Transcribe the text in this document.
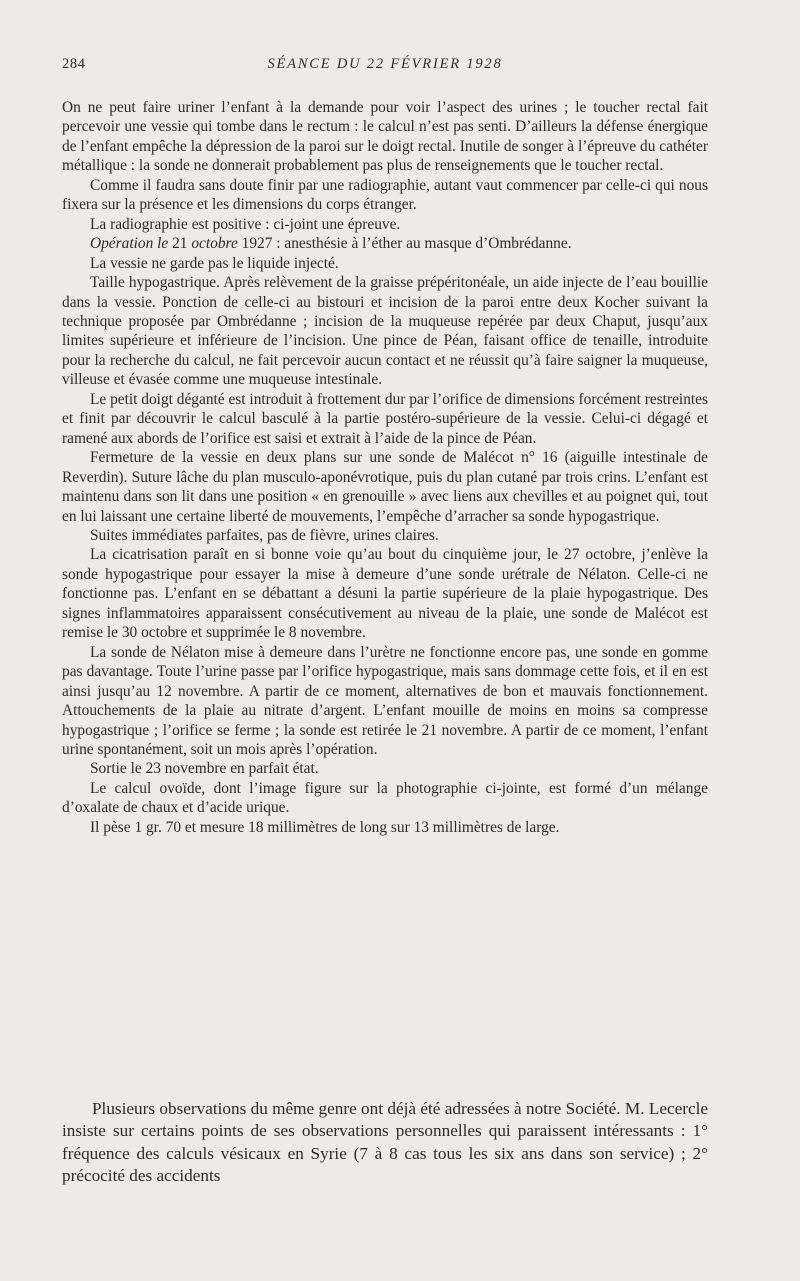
284	SÉANCE DU 22 FÉVRIER 1928

On ne peut faire uriner l’enfant à la demande pour voir l’aspect des urines ; le toucher rectal fait percevoir une vessie qui tombe dans le rectum : le calcul n’est pas senti. D’ailleurs la défense énergique de l’enfant empêche la dépression de la paroi sur le doigt rectal. Inutile de songer à l’épreuve du cathéter métallique : la sonde ne donnerait probablement pas plus de renseignements que le toucher rectal.

Comme il faudra sans doute finir par une radiographie, autant vaut commencer par celle-ci qui nous fixera sur la présence et les dimensions du corps étranger.

La radiographie est positive : ci-joint une épreuve.

Opération le 21 octobre 1927 : anesthésie à l’éther au masque d’Ombrédanne.

La vessie ne garde pas le liquide injecté.

Taille hypogastrique. Après relèvement de la graisse prépéritonéale, un aide injecte de l’eau bouillie dans la vessie. Ponction de celle-ci au bistouri et incision de la paroi entre deux Kocher suivant la technique proposée par Ombrédanne ; incision de la muqueuse repérée par deux Chaput, jusqu’aux limites supérieure et inférieure de l’incision. Une pince de Péan, faisant office de tenaille, introduite pour la recherche du calcul, ne fait percevoir aucun contact et ne réussit qu’à faire saigner la muqueuse, villeuse et évasée comme une muqueuse intestinale.

Le petit doigt déganté est introduit à frottement dur par l’orifice de dimensions forcément restreintes et finit par découvrir le calcul basculé à la partie postéro-supérieure de la vessie. Celui-ci dégagé et ramené aux abords de l’orifice est saisi et extrait à l’aide de la pince de Péan.

Fermeture de la vessie en deux plans sur une sonde de Malécot n° 16 (aiguille intestinale de Reverdin). Suture lâche du plan musculo-aponévrotique, puis du plan cutané par trois crins. L’enfant est maintenu dans son lit dans une position « en grenouille » avec liens aux chevilles et au poignet qui, tout en lui laissant une certaine liberté de mouvements, l’empêche d’arracher sa sonde hypogastrique.

Suites immédiates parfaites, pas de fièvre, urines claires.

La cicatrisation paraît en si bonne voie qu’au bout du cinquième jour, le 27 octobre, j’enlève la sonde hypogastrique pour essayer la mise à demeure d’une sonde urétrale de Nélaton. Celle-ci ne fonctionne pas. L’enfant en se débattant a désuni la partie supérieure de la plaie hypogastrique. Des signes inflammatoires apparaissent consécutivement au niveau de la plaie, une sonde de Malécot est remise le 30 octobre et supprimée le 8 novembre.

La sonde de Nélaton mise à demeure dans l’urètre ne fonctionne encore pas, une sonde en gomme pas davantage. Toute l’urine passe par l’orifice hypogastrique, mais sans dommage cette fois, et il en est ainsi jusqu’au 12 novembre. A partir de ce moment, alternatives de bon et mauvais fonctionnement. Attouchements de la plaie au nitrate d’argent. L’enfant mouille de moins en moins sa compresse hypogastrique ; l’orifice se ferme ; la sonde est retirée le 21 novembre. A partir de ce moment, l’enfant urine spontanément, soit un mois après l’opération.

Sortie le 23 novembre en parfait état.

Le calcul ovoïde, dont l’image figure sur la photographie ci-jointe, est formé d’un mélange d’oxalate de chaux et d’acide urique.

Il pèse 1 gr. 70 et mesure 18 millimètres de long sur 13 millimètres de large.

Plusieurs observations du même genre ont déjà été adressées à notre Société. M. Lecercle insiste sur certains points de ses observations personnelles qui paraissent intéressants : 1° fréquence des calculs vésicaux en Syrie (7 à 8 cas tous les six ans dans son service) ; 2° précocité des accidents
